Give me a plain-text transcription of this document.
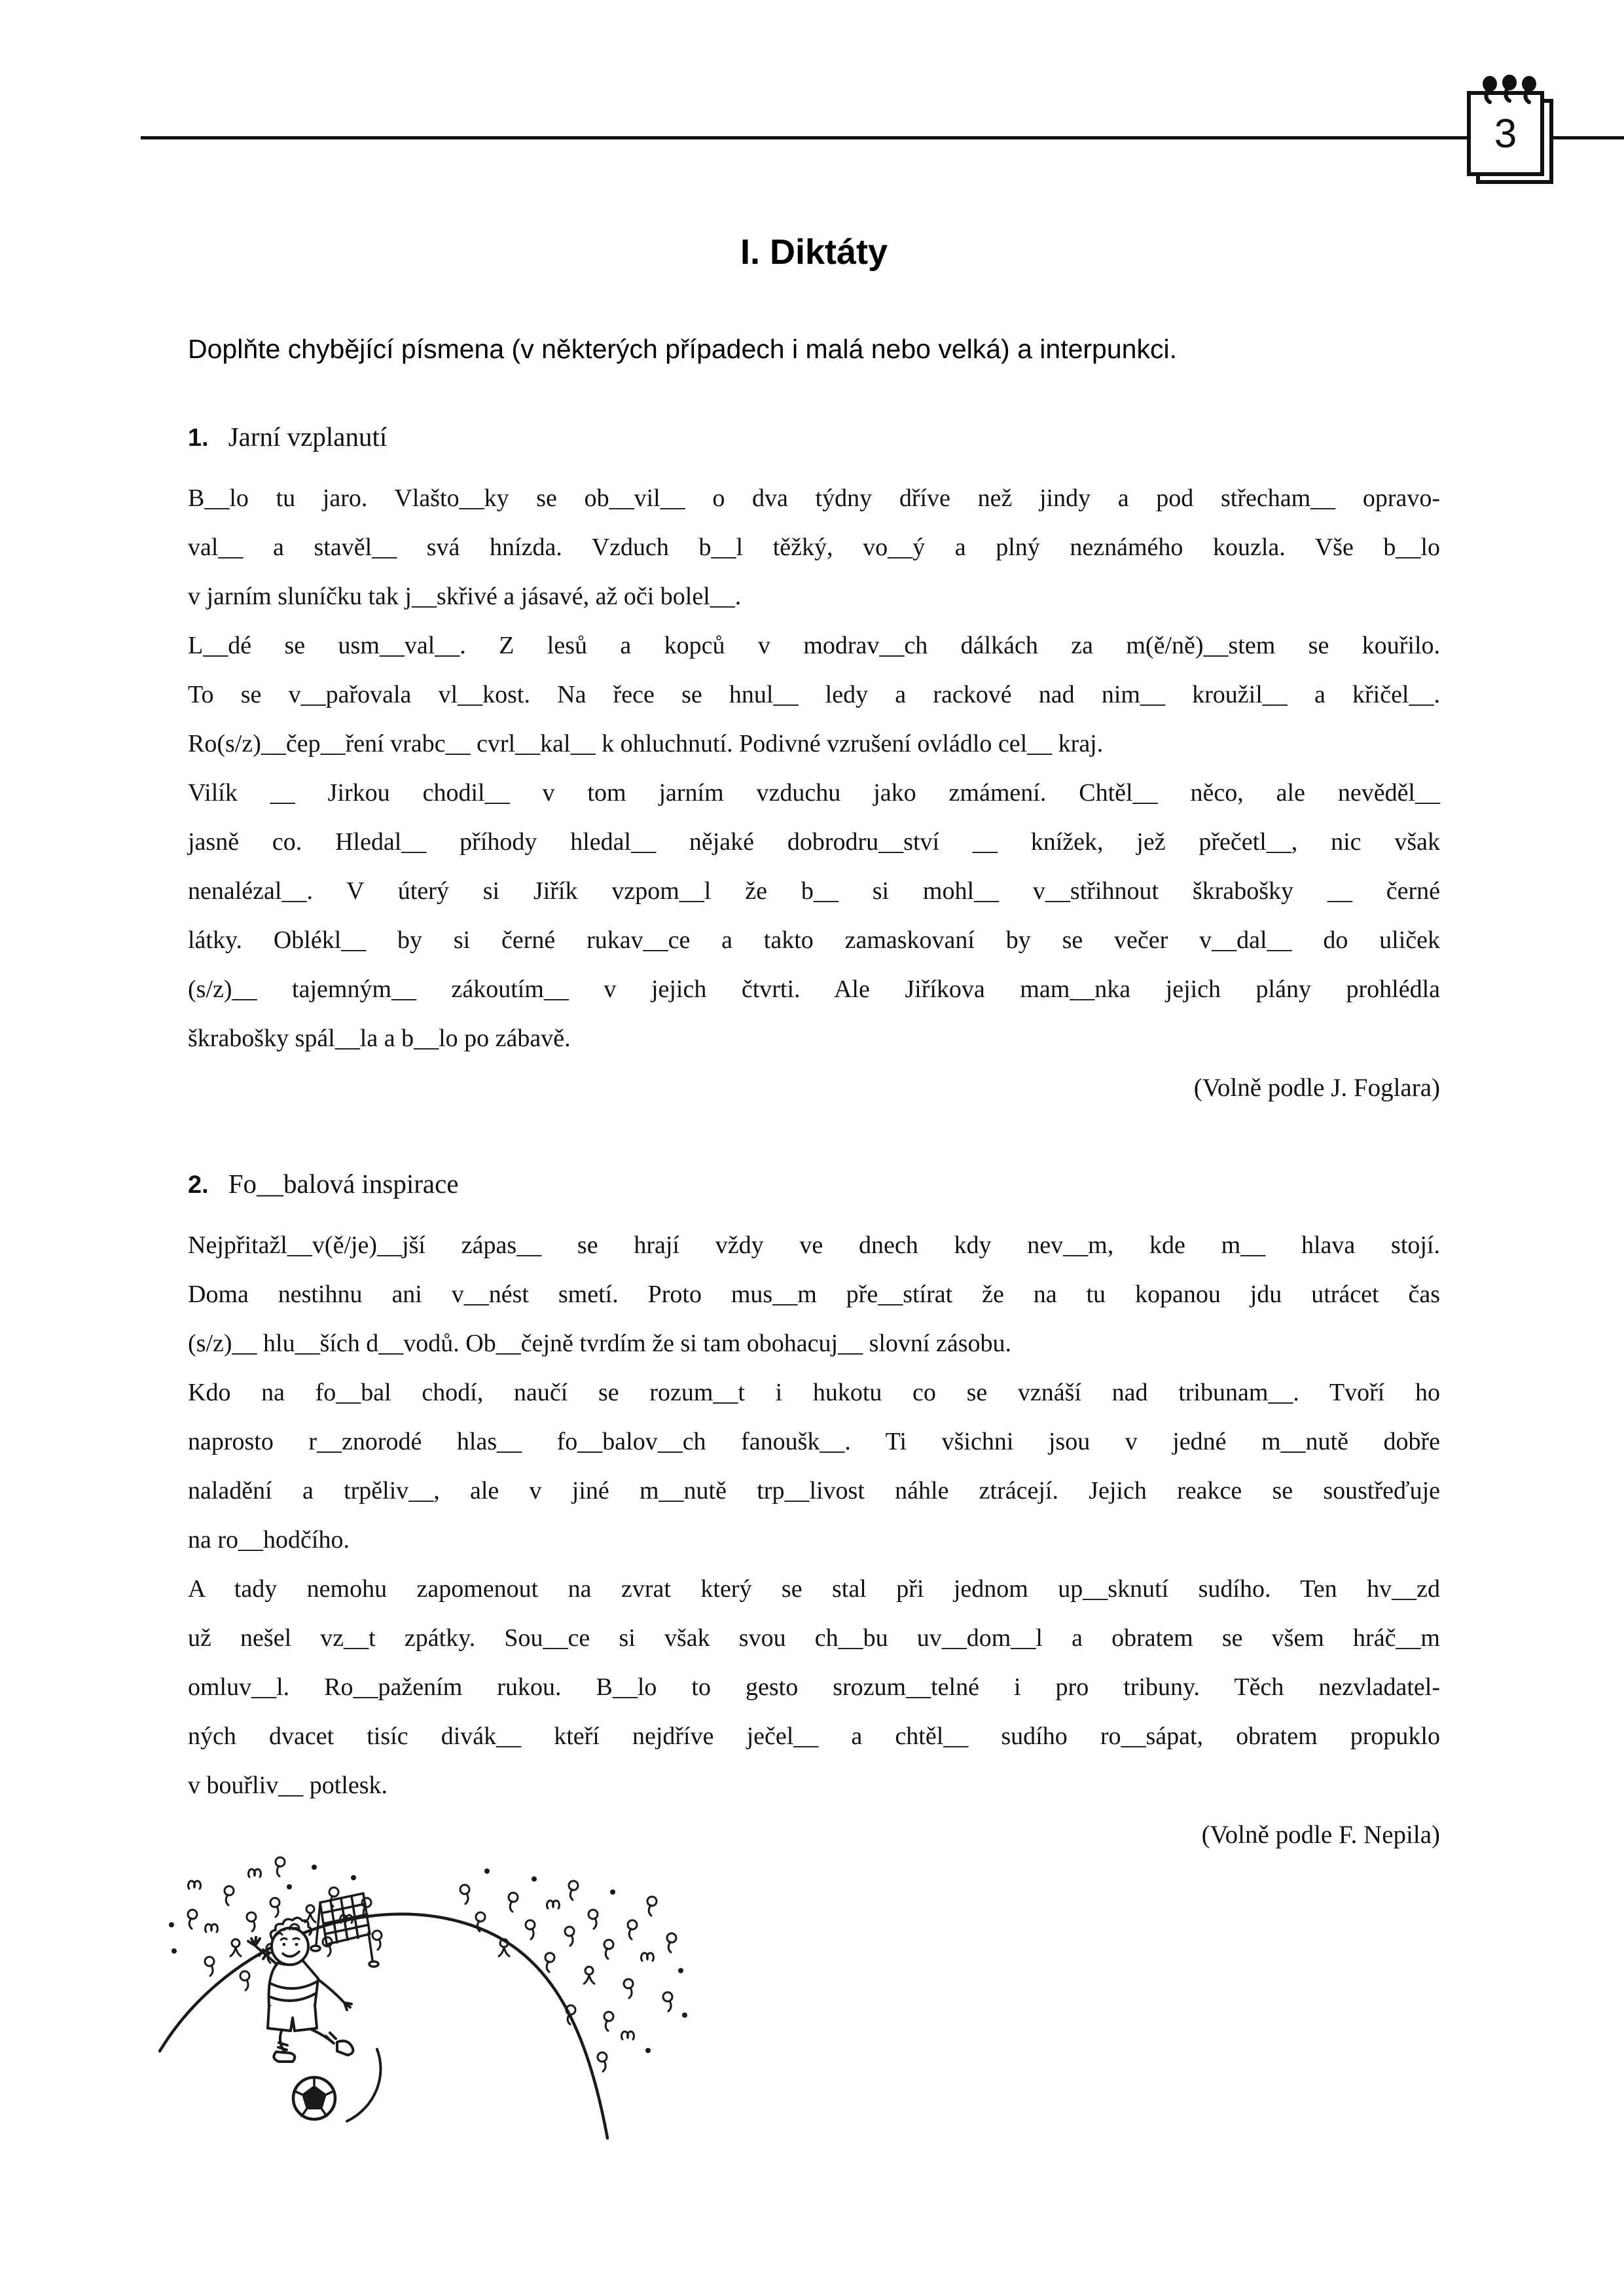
3
I. Diktáty

Doplňte chybějící písmena (v některých případech i malá nebo velká) a interpunkci.

1. Jarní vzplanutí
B__lo tu jaro. Vlašto__ky se ob__vil__ o dva týdny dříve než jindy a pod střecham__ opravo-
val__ a stavěl__ svá hnízda. Vzduch b__l těžký, vo__ý a plný neznámého kouzla. Vše b__lo
v jarním sluníčku tak j__skřivé a jásavé, až oči bolel__.
L__dé se usm__val__. Z lesů a kopců v modrav__ch dálkách za m(ě/ně)__stem se kouřilo.
To se v__pařovala vl__kost. Na řece se hnul__ ledy a rackové nad nim__ kroužil__ a křičel__.
Ro(s/z)__čep__ření vrabc__ cvrl__kal__ k ohluchnutí. Podivné vzrušení ovládlo cel__ kraj.
Vilík __ Jirkou chodil__ v tom jarním vzduchu jako zmámení. Chtěl__ něco, ale nevěděl__
jasně co. Hledal__ příhody hledal__ nějaké dobrodru__ství __ knížek, jež přečetl__, nic však
nenalézal__. V úterý si Jiřík vzpom__l že b__ si mohl__ v__střihnout škrabošky __ černé
látky. Oblékl__ by si černé rukav__ce a takto zamaskovaní by se večer v__dal__ do uliček
(s/z)__ tajemným__ zákoutím__ v jejich čtvrti. Ale Jiříkova mam__nka jejich plány prohlédla
škrabošky spál__la a b__lo po zábavě.
(Volně podle J. Foglara)
2. Fo__balová inspirace
Nejpřitažl__v(ě/je)__jší zápas__ se hrají vždy ve dnech kdy nev__m, kde m__ hlava stojí.
Doma nestihnu ani v__nést smetí. Proto mus__m pře__stírat že na tu kopanou jdu utrácet čas
(s/z)__ hlu__ších d__vodů. Ob__čejně tvrdím že si tam obohacuj__ slovní zásobu.
Kdo na fo__bal chodí, naučí se rozum__t i hukotu co se vznáší nad tribunam__. Tvoří ho
naprosto r__znorodé hlas__ fo__balov__ch fanoušk__. Ti všichni jsou v jedné m__nutě dobře
naladění a trpěliv__, ale v jiné m__nutě trp__livost náhle ztrácejí. Jejich reakce se soustřeďuje
na ro__hodčího.
A tady nemohu zapomenout na zvrat který se stal při jednom up__sknutí sudího. Ten hv__zd
už nešel vz__t zpátky. Sou__ce si však svou ch__bu uv__dom__l a obratem se všem hráč__m
omluv__l. Ro__pažením rukou. B__lo to gesto srozum__telné i pro tribuny. Těch nezvladatel-
ných dvacet tisíc divák__ kteří nejdříve ječel__ a chtěl__ sudího ro__sápat, obratem propuklo
v bouřliv__ potlesk.
(Volně podle F. Nepila)
